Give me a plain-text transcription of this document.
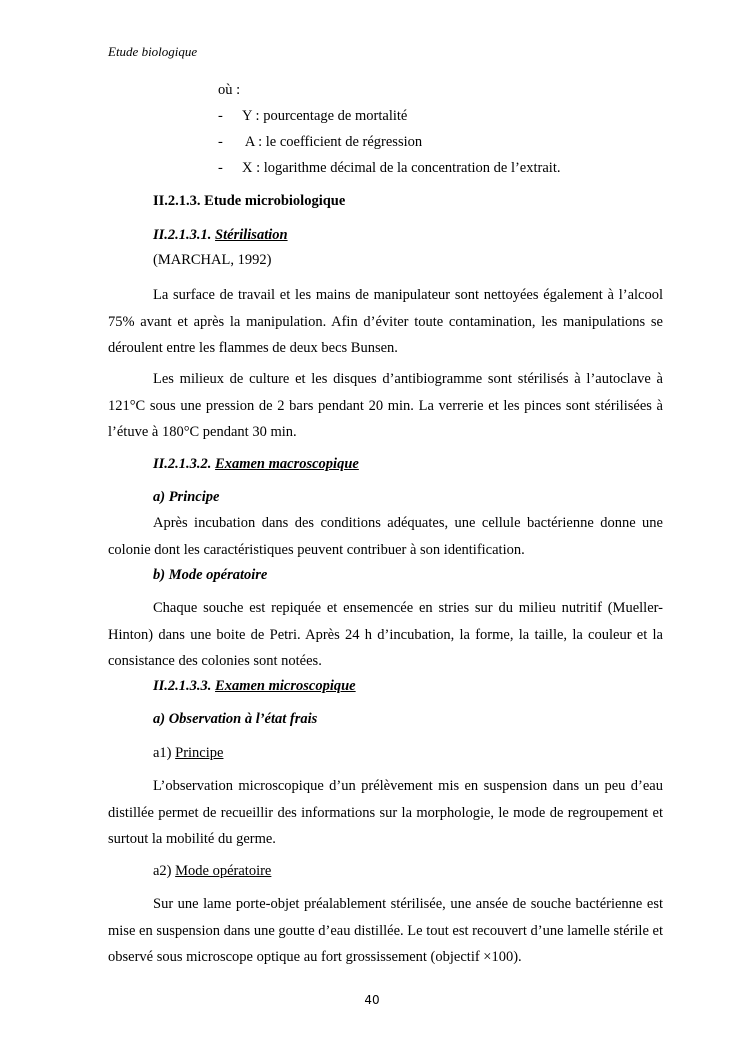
Etude biologique
où :
- Y : pourcentage de mortalité
- A : le coefficient de régression
- X : logarithme décimal de la concentration de l’extrait.
II.2.1.3. Etude microbiologique
II.2.1.3.1. Stérilisation
(MARCHAL, 1992)
La surface de travail et les mains de manipulateur sont nettoyées également à l’alcool 75% avant et après la manipulation. Afin d’éviter toute contamination, les manipulations se déroulent entre les flammes de deux becs Bunsen.
Les milieux de culture et les disques d’antibiogramme sont stérilisés à l’autoclave à 121°C sous une pression de 2 bars pendant 20 min. La verrerie et les pinces sont stérilisées à l’étuve à 180°C pendant 30 min.
II.2.1.3.2. Examen macroscopique
a) Principe
Après incubation dans des conditions adéquates, une cellule bactérienne donne une colonie dont les caractéristiques peuvent contribuer à son identification.
b) Mode opératoire
Chaque souche est repiquée et ensemencée en stries sur du milieu nutritif (Mueller-Hinton) dans une boite de Petri. Après 24 h d’incubation, la forme, la taille, la couleur et la consistance des colonies sont notées.
II.2.1.3.3. Examen microscopique
a) Observation à l’état frais
a1) Principe
L’observation microscopique d’un prélèvement mis en suspension dans un peu d’eau distillée permet de recueillir des informations sur la morphologie, le mode de regroupement et surtout la mobilité du germe.
a2) Mode opératoire
Sur une lame porte-objet préalablement stérilisée, une ansée de souche bactérienne est mise en suspension dans une goutte d’eau distillée. Le tout est recouvert d’une lamelle stérile et observé sous microscope optique au fort grossissement (objectif ×100).
40
